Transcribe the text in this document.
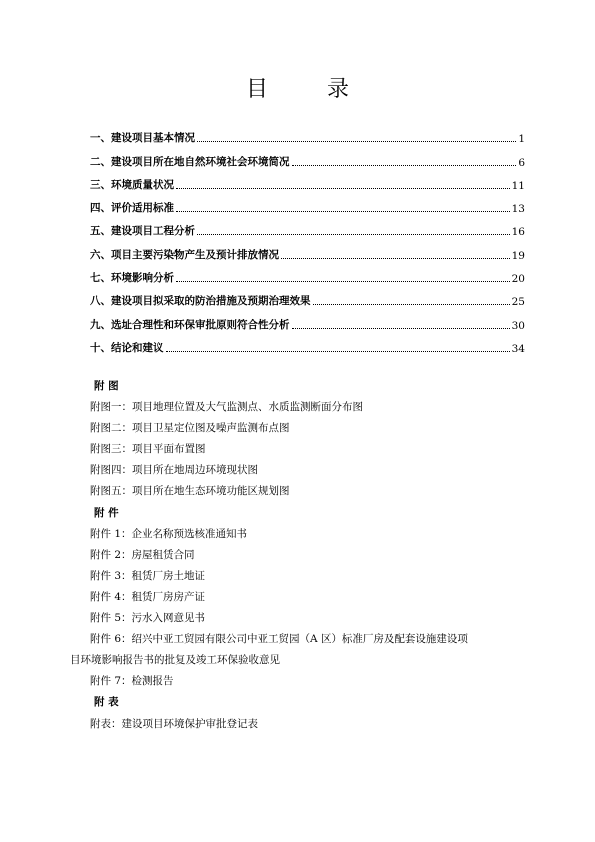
目 录
一、建设项目基本情况	1
二、建设项目所在地自然环境社会环境简况	6
三、环境质量状况	11
四、评价适用标准	13
五、建设项目工程分析	16
六、项目主要污染物产生及预计排放情况	19
七、环境影响分析	20
八、建设项目拟采取的防治措施及预期治理效果	25
九、选址合理性和环保审批原则符合性分析	30
十、结论和建议	34
附 图
附图一：项目地理位置及大气监测点、水质监测断面分布图
附图二：项目卫星定位图及噪声监测布点图
附图三：项目平面布置图
附图四：项目所在地周边环境现状图
附图五：项目所在地生态环境功能区规划图
附 件
附件 1：企业名称预选核准通知书
附件 2：房屋租赁合同
附件 3：租赁厂房土地证
附件 4：租赁厂房房产证
附件 5：污水入网意见书
附件 6：绍兴中亚工贸园有限公司中亚工贸园（A 区）标准厂房及配套设施建设项
目环境影响报告书的批复及竣工环保验收意见
附件 7：检测报告
附 表
附表：建设项目环境保护审批登记表
